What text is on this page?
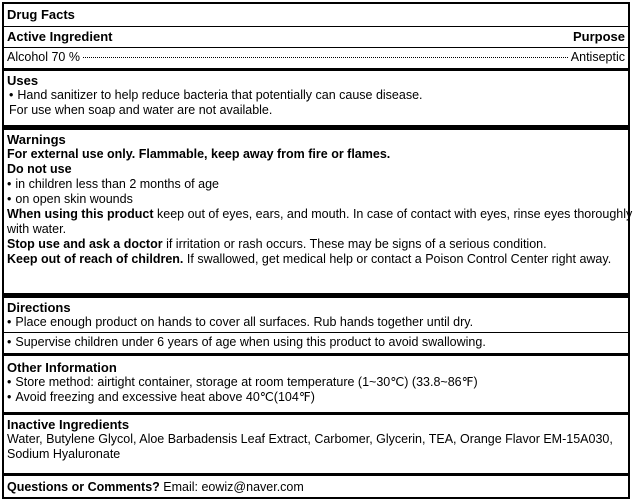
Drug Facts
Active Ingredient	Purpose
Alcohol 70 %	Antiseptic
Uses
• Hand sanitizer to help reduce bacteria that potentially can cause disease.
For use when soap and water are not available.
Warnings
For external use only. Flammable, keep away from fire or flames.
Do not use
• in children less than 2 months of age
• on open skin wounds
When using this product keep out of eyes, ears, and mouth. In case of contact with eyes, rinse eyes thoroughly
with water.
Stop use and ask a doctor if irritation or rash occurs. These may be signs of a serious condition.
Keep out of reach of children. If swallowed, get medical help or contact a Poison Control Center right away.
Directions
• Place enough product on hands to cover all surfaces. Rub hands together until dry.
• Supervise children under 6 years of age when using this product to avoid swallowing.
Other Information
• Store method: airtight container, storage at room temperature (1~30℃) (33.8~86℉)
• Avoid freezing and excessive heat above 40℃(104℉)
Inactive Ingredients
Water, Butylene Glycol, Aloe Barbadensis Leaf Extract, Carbomer, Glycerin, TEA, Orange Flavor EM-15A030,
Sodium Hyaluronate
Questions or Comments? Email: eowiz@naver.com
